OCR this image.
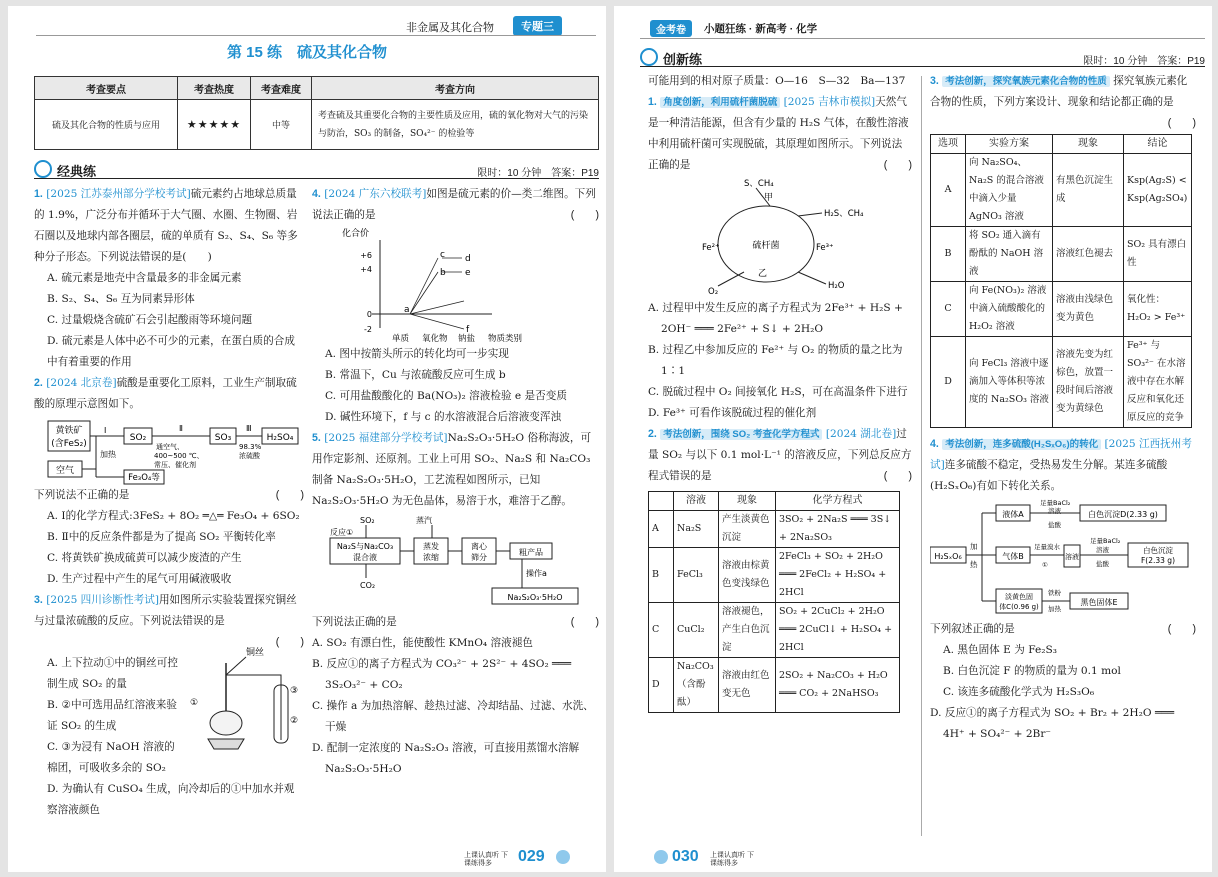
非金属及其化合物	专题三
第 15 练　硫及其化合物
考查要点	考查热度	考查难度	考查方向
硫及其化合物的性质与应用	★★★★★	中等	考查硫及其重要化合物的主要性质及应用，硫的氧化物对大气的污染与防治，SO₃ 的制备，SO₄²⁻ 的检验等
经典练	限时：10 分钟　答案：P19

1. [2025 江苏泰州部分学校考试]硫元素约占地球总质量的 1.9%，广泛分布并循环于大气圈、水圈、生物圈、岩石圈以及地球内部各圈层，硫的单质有 S₂、S₄、S₆ 等多种分子形态。下列说法错误的是(　　)

A. 硫元素是地壳中含量最多的非金属元素

B. S₂、S₄、S₆ 互为同素异形体

C. 过量煅烧含硫矿石会引起酸雨等环境问题

D. 硫元素是人体中必不可少的元素，在蛋白质的合成中有着重要的作用

2. [2024 北京卷]硫酸是重要化工原料，工业生产制取硫酸的原理示意图如下。

黄铁矿
(含FeS₂)
空气
Ⅰ
加热
Fe₃O₄等
SO₂
Ⅱ
通空气、
400~500 ℃、
常压、催化剂
SO₃
Ⅲ
98.3%
浓硫酸
H₂SO₄

下列说法不正确的是	(　　)

A. Ⅰ的化学方程式:3FeS₂ + 8O₂ ═△═ Fe₃O₄ + 6SO₂

B. Ⅱ中的反应条件都是为了提高 SO₂ 平衡转化率

C. 将黄铁矿换成硫黄可以减少废渣的产生

D. 生产过程中产生的尾气可用碱液吸收

3. [2025 四川诊断性考试]用如图所示实验装置探究铜丝与过量浓硫酸的反应。下列说法错误的是

(　　)

A. 上下拉动①中的铜丝可控制生成 SO₂ 的量

B. ②中可选用品红溶液来验证 SO₂ 的生成

C. ③为浸有 NaOH 溶液的棉团，可吸收多余的 SO₂

铜丝
①
③
②

D. 为确认有 CuSO₄ 生成，向冷却后的①中加水并观察溶液颜色

4. [2024 广东六校联考]如图是硫元素的价—类二维图。下列说法正确的是	(　　)

化合价
+6
+4
0
-2
a
b
c d
e
f
单质 氧化物 钠盐 物质类别

A. 图中按箭头所示的转化均可一步实现

B. 常温下，Cu 与浓硫酸反应可生成 b

C. 可用盐酸酸化的 Ba(NO₃)₂ 溶液检验 e 是否变质

D. 碱性环境下，f 与 c 的水溶液混合后溶液变浑浊

5. [2025 福建部分学校考试]Na₂S₂O₃·5H₂O 俗称海波，可用作定影剂、还原剂。工业上可用 SO₂、Na₂S 和 Na₂CO₃ 制备 Na₂S₂O₃·5H₂O，工艺流程如图所示，已知 Na₂S₂O₃·5H₂O 为无色晶体，易溶于水，难溶于乙醇。

SO₂
反应①
Na₂S与Na₂CO₃
混合液
CO₂
蒸汽
蒸发
浓缩
离心
筛分
粗产品
操作a
Na₂S₂O₃·5H₂O

下列说法正确的是	(　　)

A. SO₂ 有漂白性，能使酸性 KMnO₄ 溶液褪色

B. 反应①的离子方程式为 CO₃²⁻ + 2S²⁻ + 4SO₂ ═══ 3S₂O₃²⁻ + CO₂

C. 操作 a 为加热溶解、趁热过滤、冷却结晶、过滤、水洗、干燥

D. 配制一定浓度的 Na₂S₂O₃ 溶液，可直接用蒸馏水溶解 Na₂S₂O₃·5H₂O

上课认真听 下课练得多	029
金考卷	小题狂练 · 新高考 · 化学
创新练	限时：10 分钟　答案：P19

可能用到的相对原子质量：O—16　S—32　Ba—137

1. 角度创新，利用硫杆菌脱硫 [2025 吉林市模拟]天然气是一种清洁能源，但含有少量的 H₂S 气体，在酸性溶液中利用硫杆菌可实现脱硫，其原理如图所示。下列说法正确的是	(　　)

硫杆菌
甲
乙
S、CH₄
H₂S、CH₄
Fe²⁺	Fe³⁺
O₂
H₂O

A. 过程甲中发生反应的离子方程式为 2Fe³⁺ + H₂S + 2OH⁻ ═══ 2Fe²⁺ + S↓ + 2H₂O

B. 过程乙中参加反应的 Fe²⁺ 与 O₂ 的物质的量之比为 1∶1

C. 脱硫过程中 O₂ 间接氧化 H₂S，可在高温条件下进行

D. Fe³⁺ 可看作该脱硫过程的催化剂

2. 考法创新，围绕 SO₂ 考查化学方程式 [2024 湖北卷]过量 SO₂ 与以下 0.1 mol·L⁻¹ 的溶液反应，下列总反应方程式错误的是	(　　)

	溶液	现象	化学方程式
A	Na₂S	产生淡黄色沉淀	3SO₂ + 2Na₂S ═══ 3S↓ + 2Na₂SO₃
B	FeCl₃	溶液由棕黄色变浅绿色	2FeCl₃ + SO₂ + 2H₂O ═══ 2FeCl₂ + H₂SO₄ + 2HCl
C	CuCl₂	溶液褪色，产生白色沉淀	SO₂ + 2CuCl₂ + 2H₂O ═══ 2CuCl↓ + H₂SO₄ + 2HCl
D	Na₂CO₃（含酚酞）	溶液由红色变无色	2SO₂ + Na₂CO₃ + H₂O ═══ CO₂ + 2NaHSO₃

3. 考法创新，探究氧族元素化合物的性质 探究氧族元素化合物的性质，下列方案设计、现象和结论都正确的是
(　　)

选项	实验方案	现象	结论
A	向 Na₂SO₄、Na₂S 的混合溶液中滴入少量 AgNO₃ 溶液	有黑色沉淀生成	Ksp(Ag₂S) < Ksp(Ag₂SO₄)
B	将 SO₂ 通入滴有酚酞的 NaOH 溶液	溶液红色褪去	SO₂ 具有漂白性
C	向 Fe(NO₃)₂ 溶液中滴入硫酸酸化的 H₂O₂ 溶液	溶液由浅绿色变为黄色	氧化性：H₂O₂ > Fe³⁺
D	向 FeCl₃ 溶液中逐滴加入等体积等浓度的 Na₂SO₃ 溶液	溶液先变为红棕色，放置一段时间后溶液变为黄绿色	Fe³⁺ 与 SO₃²⁻ 在水溶液中存在水解反应和氧化还原反应的竞争

4. 考法创新，连多硫酸(H₂SₓO₆)的转化 [2025 江西抚州考试]连多硫酸不稳定，受热易发生分解。某连多硫酸(H₂SₓO₆)有如下转化关系。

H₂SₓO₆
加
热
液体A
足量BaCl₂
溶液
盐酸
白色沉淀D(2.33 g)
气体B
足量溴水
①
溶液
足量BaCl₂
溶液
盐酸
白色沉淀
F(2.33 g)
淡黄色固
体C(0.96 g)
铁粉
加热
黑色固体E

下列叙述正确的是	(　　)

A. 黑色固体 E 为 Fe₂S₃

B. 白色沉淀 F 的物质的量为 0.1 mol

C. 该连多硫酸化学式为 H₂S₃O₆

D. 反应①的离子方程式为 SO₂ + Br₂ + 2H₂O ═══ 4H⁺ + SO₄²⁻ + 2Br⁻

030 上课认真听 下课练得多
